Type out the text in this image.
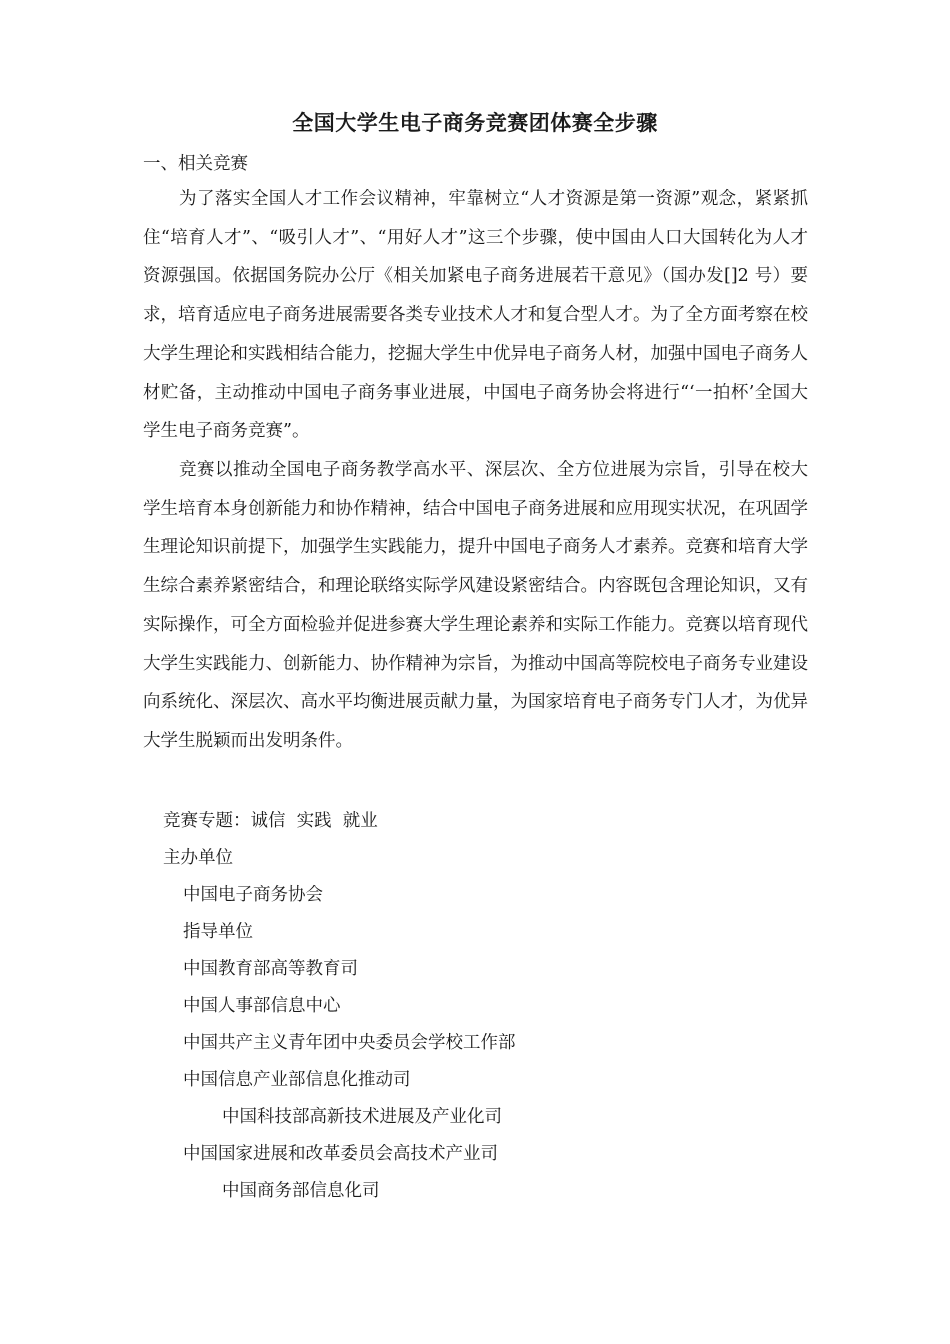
全国大学生电子商务竞赛团体赛全步骤
一、相关竞赛

为了落实全国人才工作会议精神，牢靠树立“人才资源是第一资源”观念，紧紧抓住“培育人才”、“吸引人才”、“用好人才”这三个步骤，使中国由人口大国转化为人才资源强国。依据国务院办公厅《相关加紧电子商务进展若干意见》（国办发[]2 号）要求，培育适应电子商务进展需要各类专业技术人才和复合型人才。为了全方面考察在校大学生理论和实践相结合能力，挖掘大学生中优异电子商务人材，加强中国电子商务人材贮备，主动推动中国电子商务事业进展，中国电子商务协会将进行“‘一拍杯’全国大学生电子商务竞赛”。

竞赛以推动全国电子商务教学高水平、深层次、全方位进展为宗旨，引导在校大学生培育本身创新能力和协作精神，结合中国电子商务进展和应用现实状况，在巩固学生理论知识前提下，加强学生实践能力，提升中国电子商务人才素养。竞赛和培育大学生综合素养紧密结合，和理论联络实际学风建设紧密结合。内容既包含理论知识，又有实际操作，可全方面检验并促进参赛大学生理论素养和实际工作能力。竞赛以培育现代大学生实践能力、创新能力、协作精神为宗旨，为推动中国高等院校电子商务专业建设向系统化、深层次、高水平均衡进展贡献力量，为国家培育电子商务专门人才，为优异大学生脱颖而出发明条件。

竞赛专题：诚信  实践  就业
主办单位
中国电子商务协会
指导单位
中国教育部高等教育司
中国人事部信息中心
中国共产主义青年团中央委员会学校工作部
中国信息产业部信息化推动司
中国科技部高新技术进展及产业化司
中国国家进展和改革委员会高技术产业司
中国商务部信息化司
